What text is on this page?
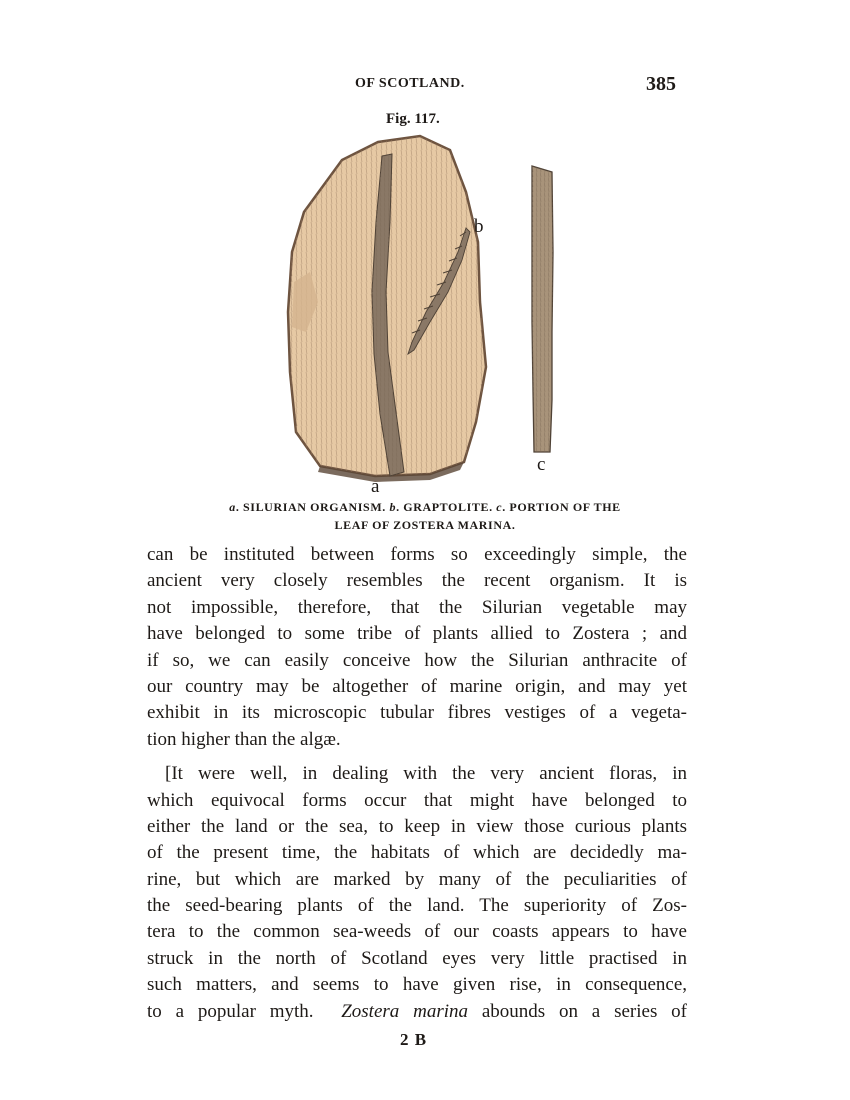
OF SCOTLAND.	385
Fig. 117.
b
a
c
a. SILURIAN ORGANISM. b. GRAPTOLITE. c. PORTION OF THE
LEAF OF ZOSTERA MARINA.
can be instituted between forms so exceedingly simple, the
ancient very closely resembles the recent organism. It is
not impossible, therefore, that the Silurian vegetable may
have belonged to some tribe of plants allied to Zostera ; and
if so, we can easily conceive how the Silurian anthracite of
our country may be altogether of marine origin, and may yet
exhibit in its microscopic tubular fibres vestiges of a vegeta-
tion higher than the algæ.
[It were well, in dealing with the very ancient floras, in
which equivocal forms occur that might have belonged to
either the land or the sea, to keep in view those curious plants
of the present time, the habitats of which are decidedly ma-
rine, but which are marked by many of the peculiarities of
the seed-bearing plants of the land. The superiority of Zos-
tera to the common sea-weeds of our coasts appears to have
struck in the north of Scotland eyes very little practised in
such matters, and seems to have given rise, in consequence,
to a popular myth.  Zostera marina abounds on a series of
2 B
